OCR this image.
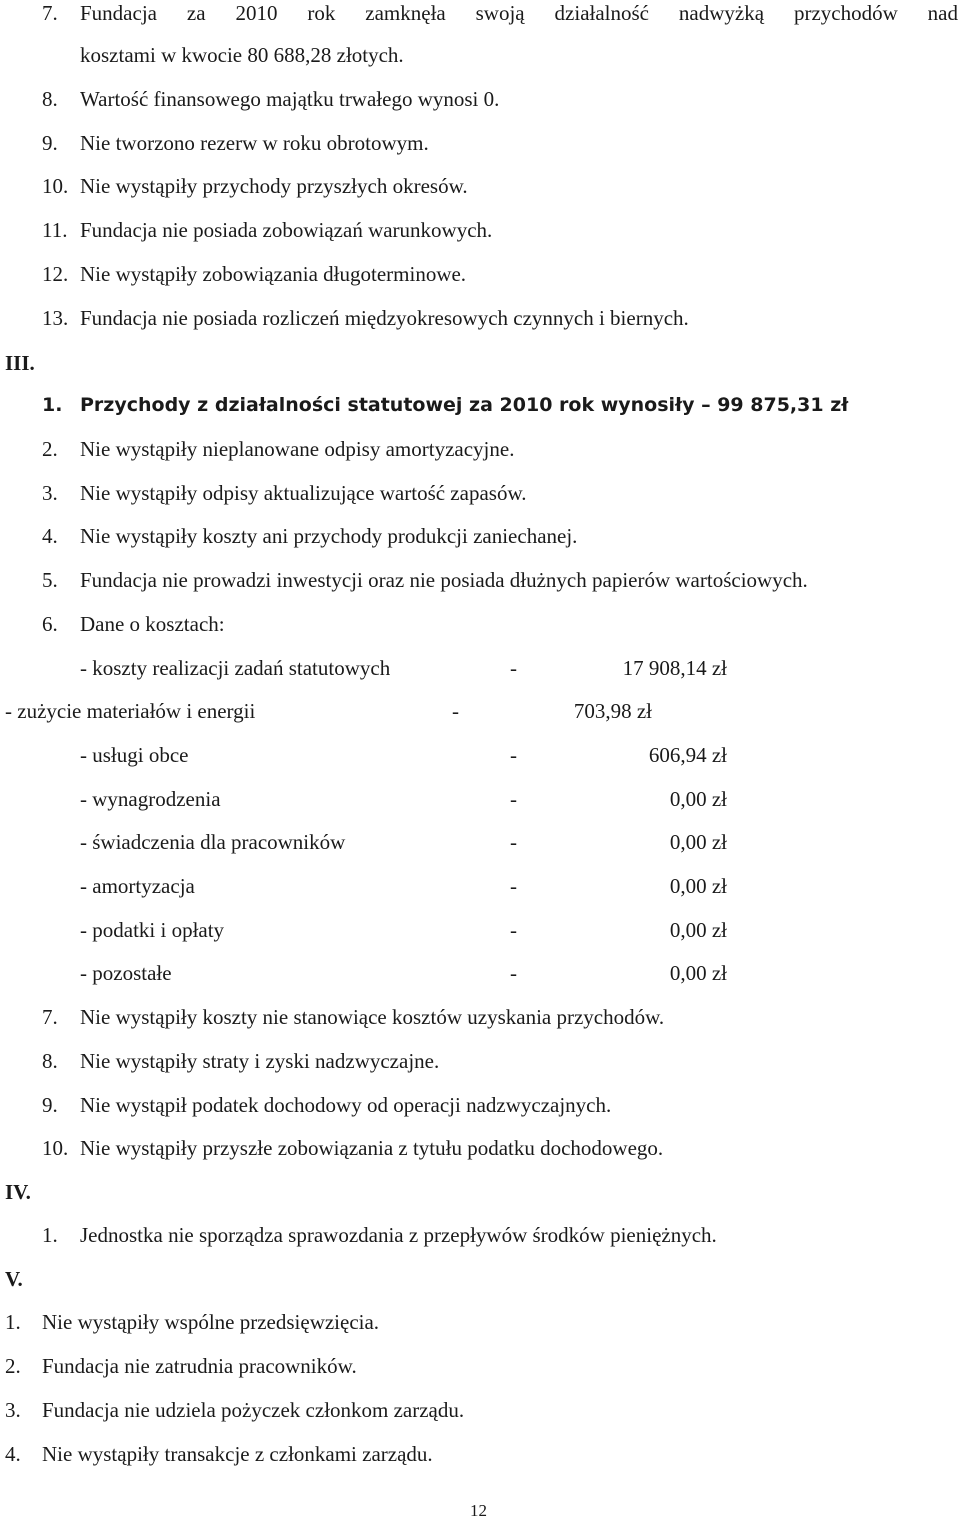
7. Fundacja za 2010 rok zamknęła swoją działalność nadwyżką przychodów nad
kosztami w kwocie 80 688,28 złotych.
8. Wartość finansowego majątku trwałego wynosi 0.
9. Nie tworzono rezerw w roku obrotowym.
10. Nie wystąpiły przychody przyszłych okresów.
11. Fundacja nie posiada zobowiązań warunkowych.
12. Nie wystąpiły zobowiązania długoterminowe.
13. Fundacja nie posiada rozliczeń międzyokresowych czynnych i biernych.
III.
1. Przychody z działalności statutowej za 2010 rok wynosiły – 99 875,31 zł
2. Nie wystąpiły nieplanowane odpisy amortyzacyjne.
3. Nie wystąpiły odpisy aktualizujące wartość zapasów.
4. Nie wystąpiły koszty ani przychody produkcji zaniechanej.
5. Fundacja nie prowadzi inwestycji oraz nie posiada dłużnych papierów wartościowych.
6. Dane o kosztach:
- koszty realizacji zadań statutowych	-	17 908,14 zł
- zużycie materiałów i energii	-	703,98 zł
- usługi obce	-	606,94 zł
- wynagrodzenia	-	0,00 zł
- świadczenia dla pracowników	-	0,00 zł
- amortyzacja	-	0,00 zł
- podatki i opłaty	-	0,00 zł
- pozostałe	-	0,00 zł
7. Nie wystąpiły koszty nie stanowiące kosztów uzyskania przychodów.
8. Nie wystąpiły straty i zyski nadzwyczajne.
9. Nie wystąpił podatek dochodowy od operacji nadzwyczajnych.
10. Nie wystąpiły przyszłe zobowiązania z tytułu podatku dochodowego.
IV.
1. Jednostka nie sporządza sprawozdania z przepływów środków pieniężnych.
V.
1. Nie wystąpiły wspólne przedsięwzięcia.
2. Fundacja nie zatrudnia pracowników.
3. Fundacja nie udziela pożyczek członkom zarządu.
4. Nie wystąpiły transakcje z członkami zarządu.
12
